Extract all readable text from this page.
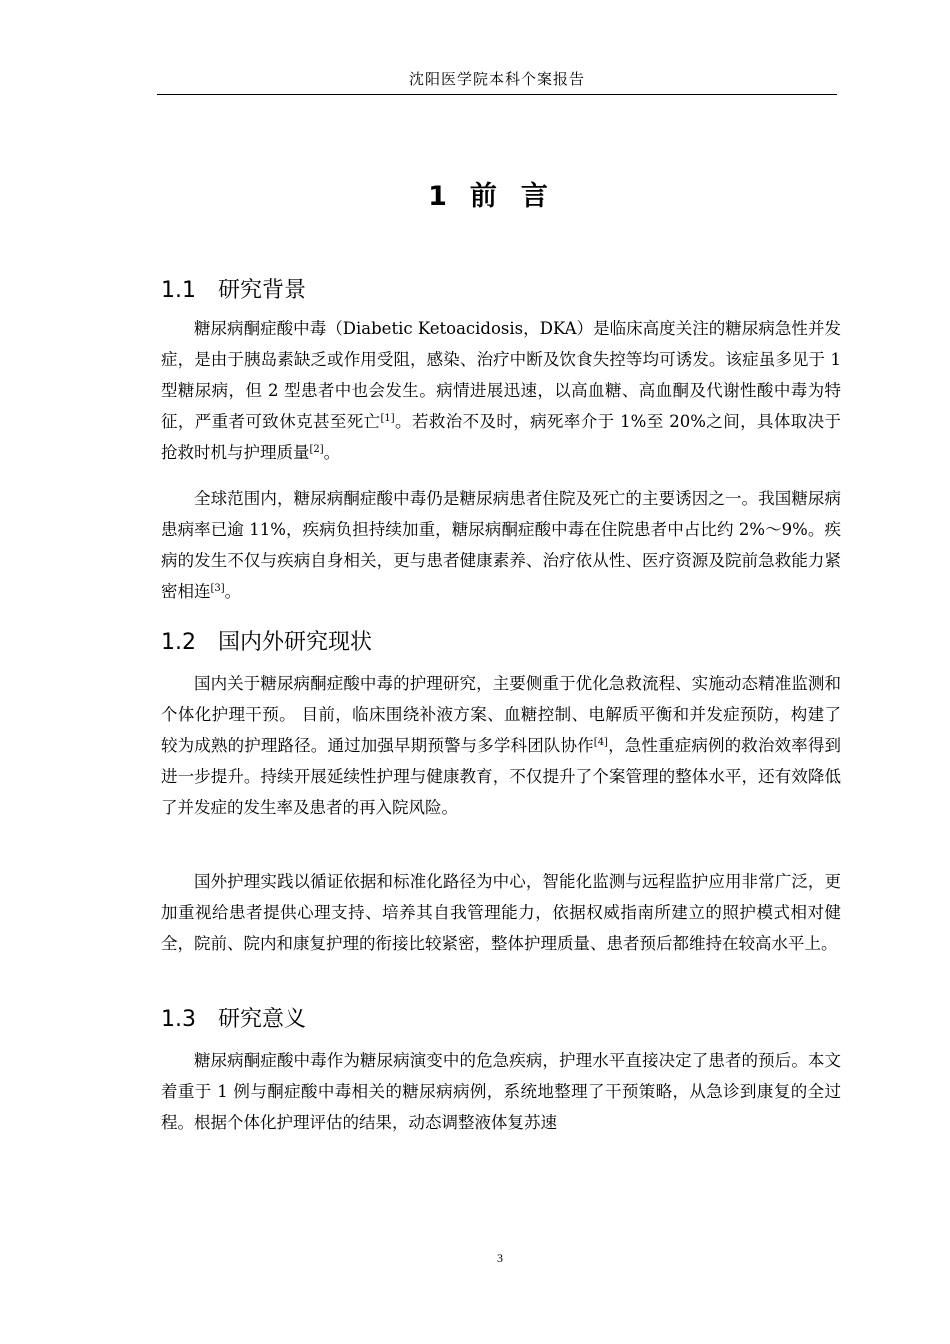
沈阳医学院本科个案报告
1 前言
1.1 研究背景

糖尿病酮症酸中毒（Diabetic Ketoacidosis，DKA）是临床高度关注的糖尿病急性并发症，是由于胰岛素缺乏或作用受阻，感染、治疗中断及饮食失控等均可诱发。该症虽多见于 1 型糖尿病，但 2 型患者中也会发生。病情进展迅速，以高血糖、高血酮及代谢性酸中毒为特征，严重者可致休克甚至死亡[1]。若救治不及时，病死率介于 1%至 20%之间，具体取决于抢救时机与护理质量[2]。

全球范围内，糖尿病酮症酸中毒仍是糖尿病患者住院及死亡的主要诱因之一。我国糖尿病患病率已逾 11%，疾病负担持续加重，糖尿病酮症酸中毒在住院患者中占比约 2%～9%。疾病的发生不仅与疾病自身相关，更与患者健康素养、治疗依从性、医疗资源及院前急救能力紧密相连[3]。

1.2 国内外研究现状

国内关于糖尿病酮症酸中毒的护理研究，主要侧重于优化急救流程、实施动态精准监测和个体化护理干预。 目前，临床围绕补液方案、血糖控制、电解质平衡和并发症预防，构建了较为成熟的护理路径。通过加强早期预警与多学科团队协作[4]，急性重症病例的救治效率得到进一步提升。持续开展延续性护理与健康教育，不仅提升了个案管理的整体水平，还有效降低了并发症的发生率及患者的再入院风险。

国外护理实践以循证依据和标准化路径为中心，智能化监测与远程监护应用非常广泛，更加重视给患者提供心理支持、培养其自我管理能力，依据权威指南所建立的照护模式相对健全，院前、院内和康复护理的衔接比较紧密，整体护理质量、患者预后都维持在较高水平上。

1.3 研究意义

糖尿病酮症酸中毒作为糖尿病演变中的危急疾病，护理水平直接决定了患者的预后。本文着重于 1 例与酮症酸中毒相关的糖尿病病例，系统地整理了干预策略，从急诊到康复的全过程。根据个体化护理评估的结果，动态调整液体复苏速

3
